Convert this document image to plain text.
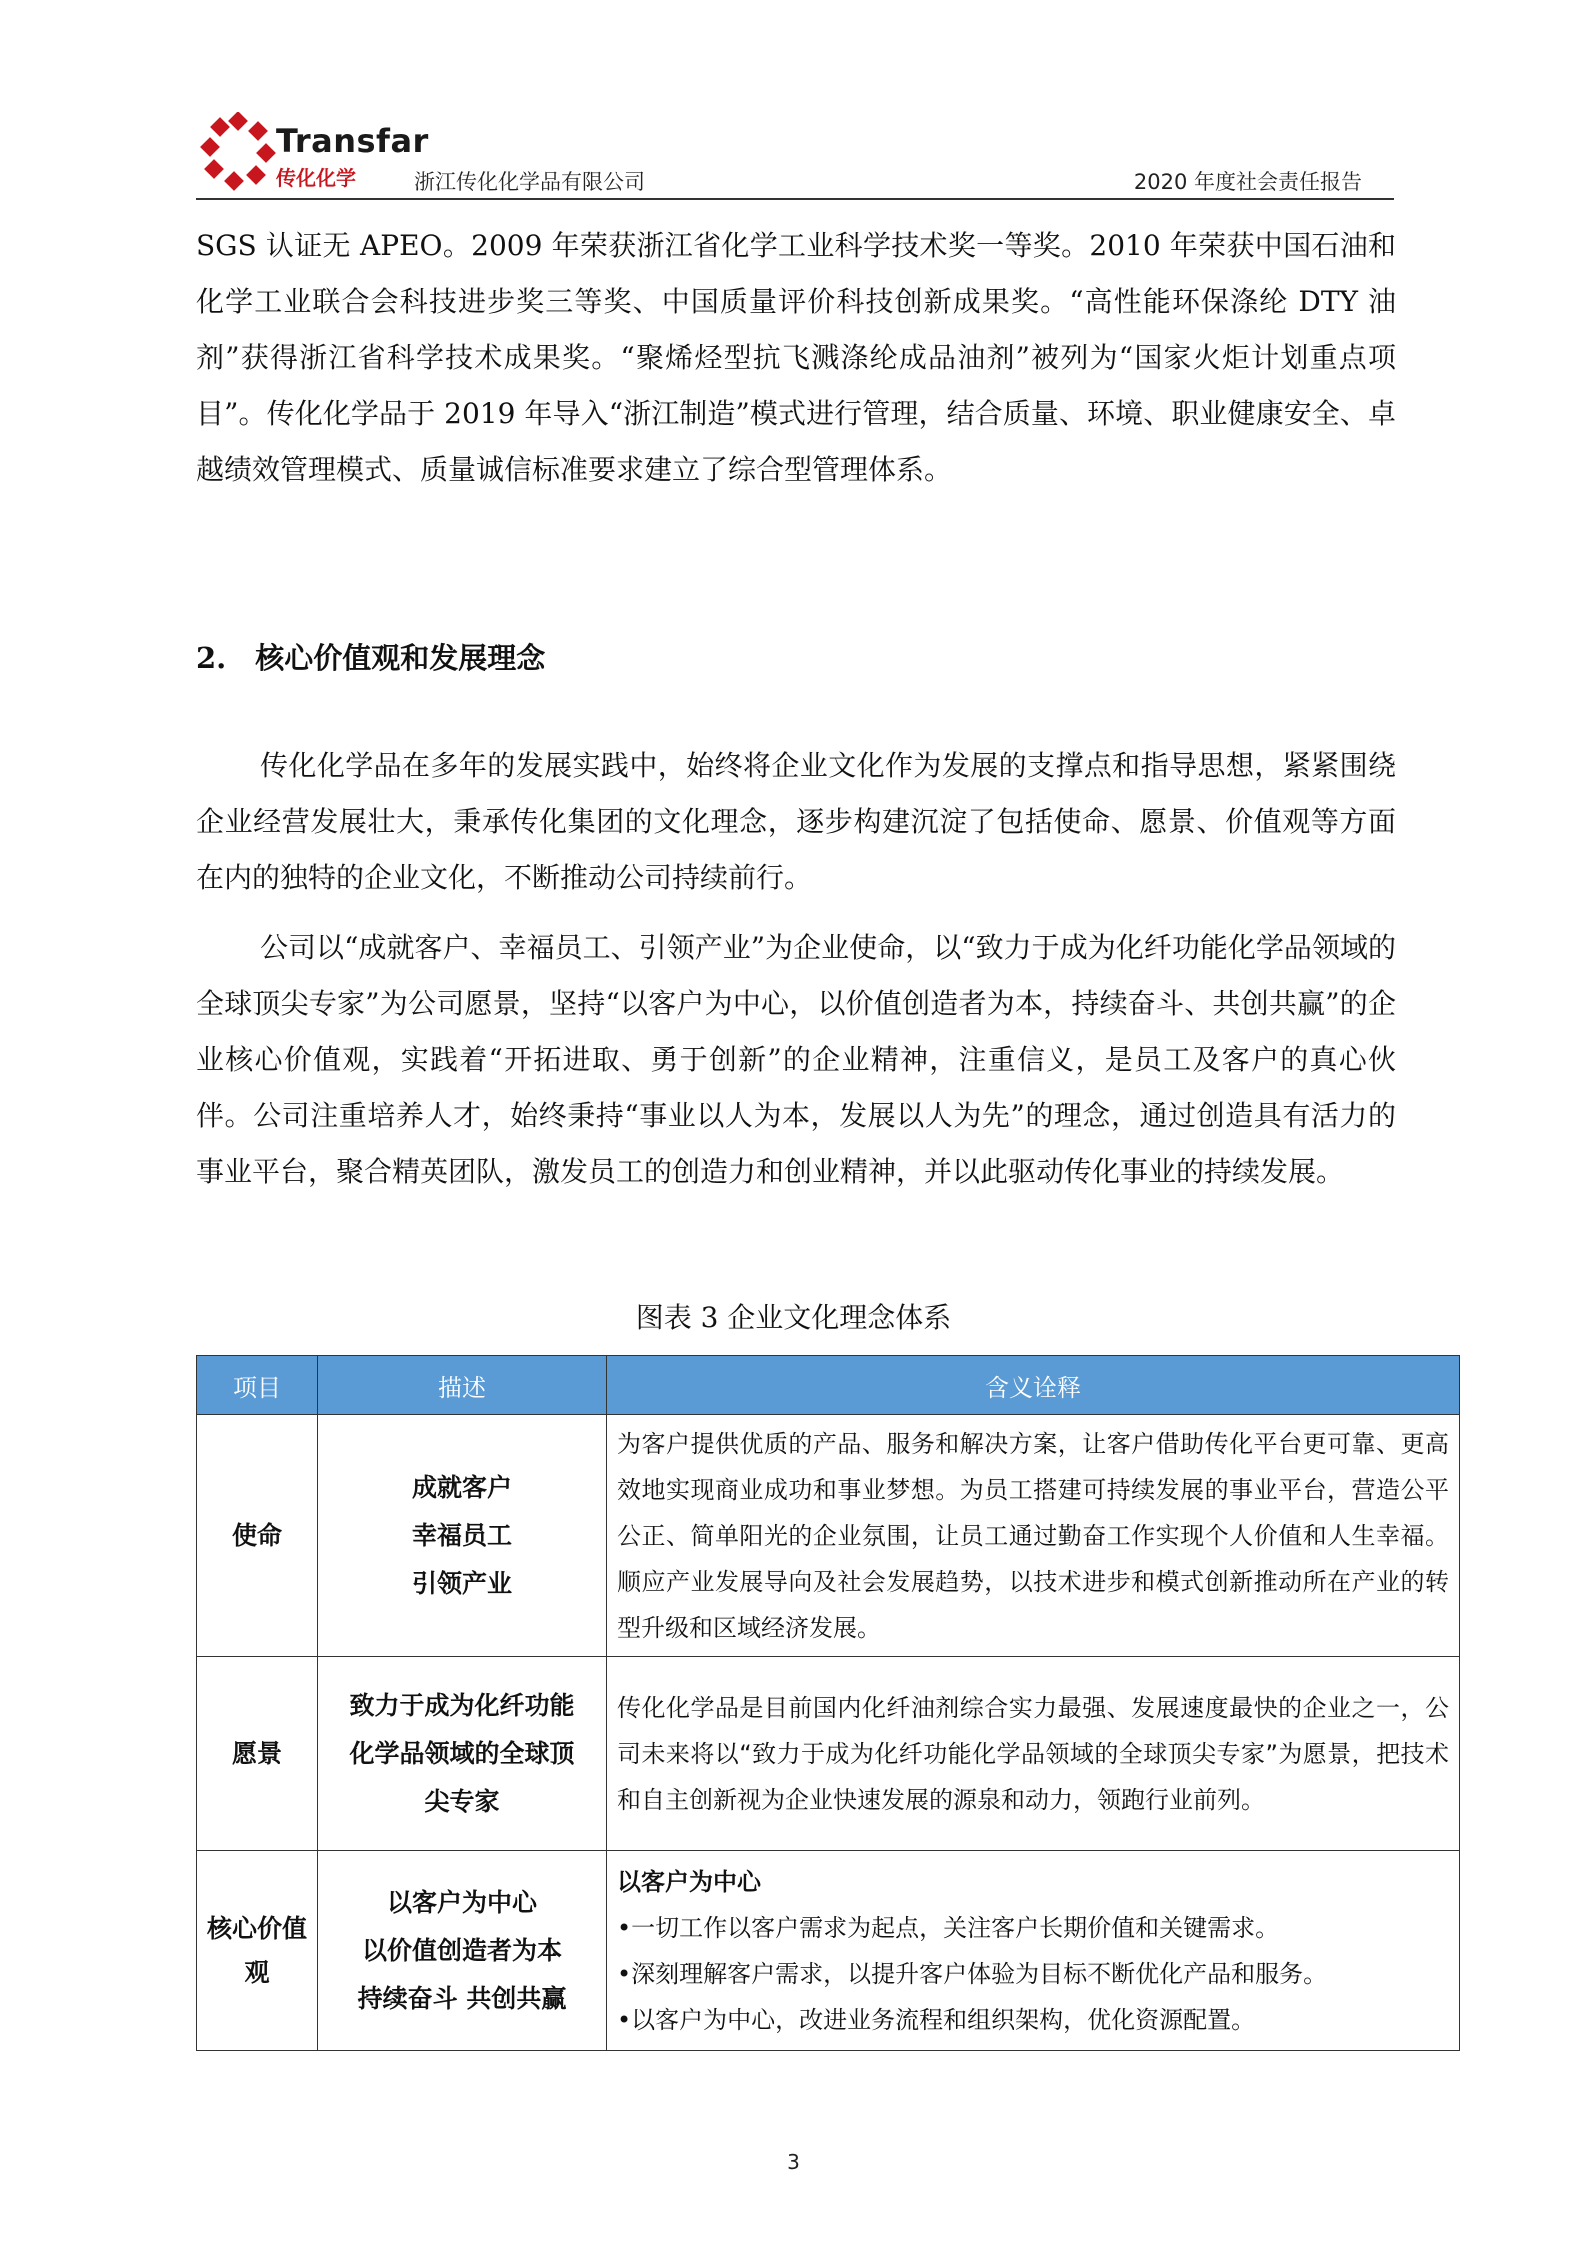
Transfar
传化化学	浙江传化化学品有限公司	2020 年度社会责任报告

SGS 认证无 APEO。2009 年荣获浙江省化学工业科学技术奖一等奖。2010 年荣获中国石油和化学工业联合会科技进步奖三等奖、中国质量评价科技创新成果奖。“高性能环保涤纶 DTY 油剂”获得浙江省科学技术成果奖。“聚烯烃型抗飞溅涤纶成品油剂”被列为“国家火炬计划重点项目”。传化化学品于 2019 年导入“浙江制造”模式进行管理，结合质量、环境、职业健康安全、卓越绩效管理模式、质量诚信标准要求建立了综合型管理体系。

2.　核心价值观和发展理念

传化化学品在多年的发展实践中，始终将企业文化作为发展的支撑点和指导思想，紧紧围绕企业经营发展壮大，秉承传化集团的文化理念，逐步构建沉淀了包括使命、愿景、价值观等方面在内的独特的企业文化，不断推动公司持续前行。

公司以“成就客户、幸福员工、引领产业”为企业使命，以“致力于成为化纤功能化学品领域的全球顶尖专家”为公司愿景，坚持“以客户为中心，以价值创造者为本，持续奋斗、共创共赢”的企业核心价值观，实践着“开拓进取、勇于创新”的企业精神，注重信义，是员工及客户的真心伙伴。公司注重培养人才，始终秉持“事业以人为本，发展以人为先”的理念，通过创造具有活力的事业平台，聚合精英团队，激发员工的创造力和创业精神，并以此驱动传化事业的持续发展。

图表 3 企业文化理念体系

项目	描述	含义诠释
使命	成就客户
幸福员工
引领产业	为客户提供优质的产品、服务和解决方案，让客户借助传化平台更可靠、更高效地实现商业成功和事业梦想。为员工搭建可持续发展的事业平台，营造公平公正、简单阳光的企业氛围，让员工通过勤奋工作实现个人价值和人生幸福。顺应产业发展导向及社会发展趋势，以技术进步和模式创新推动所在产业的转型升级和区域经济发展。

愿景	致力于成为化纤功能
化学品领域的全球顶
尖专家	传化化学品是目前国内化纤油剂综合实力最强、发展速度最快的企业之一，公司未来将以“致力于成为化纤功能化学品领域的全球顶尖专家”为愿景，把技术和自主创新视为企业快速发展的源泉和动力，领跑行业前列。

核心价值观	以客户为中心
以价值创造者为本
持续奋斗 共创共赢	以客户为中心
•一切工作以客户需求为起点，关注客户长期价值和关键需求。
•深刻理解客户需求，以提升客户体验为目标不断优化产品和服务。
•以客户为中心，改进业务流程和组织架构，优化资源配置。
3
